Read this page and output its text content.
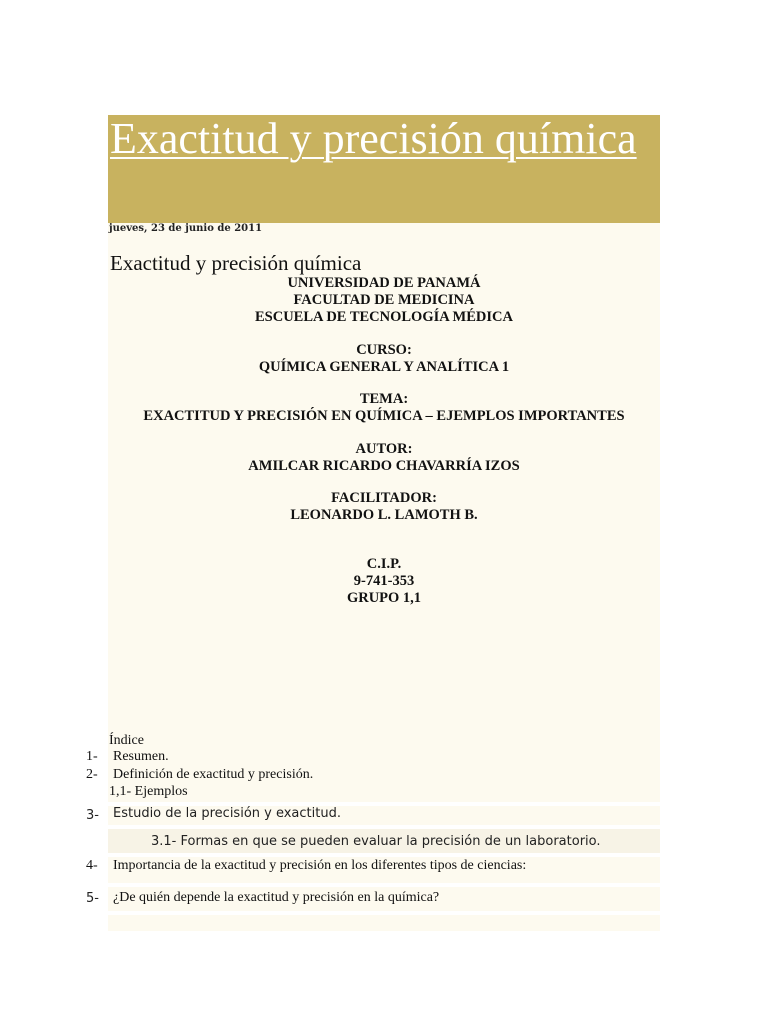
Exactitud y precisión química
jueves, 23 de junio de 2011
Exactitud y precisión química
UNIVERSIDAD DE PANAMÁ
FACULTAD DE MEDICINA
ESCUELA DE TECNOLOGÍA MÉDICA
CURSO:
QUÍMICA GENERAL Y ANALÍTICA 1
TEMA:
EXACTITUD Y PRECISIÓN EN QUÍMICA – EJEMPLOS IMPORTANTES
AUTOR:
AMILCAR RICARDO CHAVARRÍA IZOS
FACILITADOR:
LEONARDO L. LAMOTH B.
C.I.P.
9-741-353
GRUPO 1,1
Índice
1- Resumen.
2- Definición de exactitud y precisión.
1,1- Ejemplos
3- Estudio de la precisión y exactitud.
3.1- Formas en que se pueden evaluar la precisión de un laboratorio.
4- Importancia de la exactitud y precisión en los diferentes tipos de ciencias:
5- ¿De quién depende la exactitud y precisión en la química?
